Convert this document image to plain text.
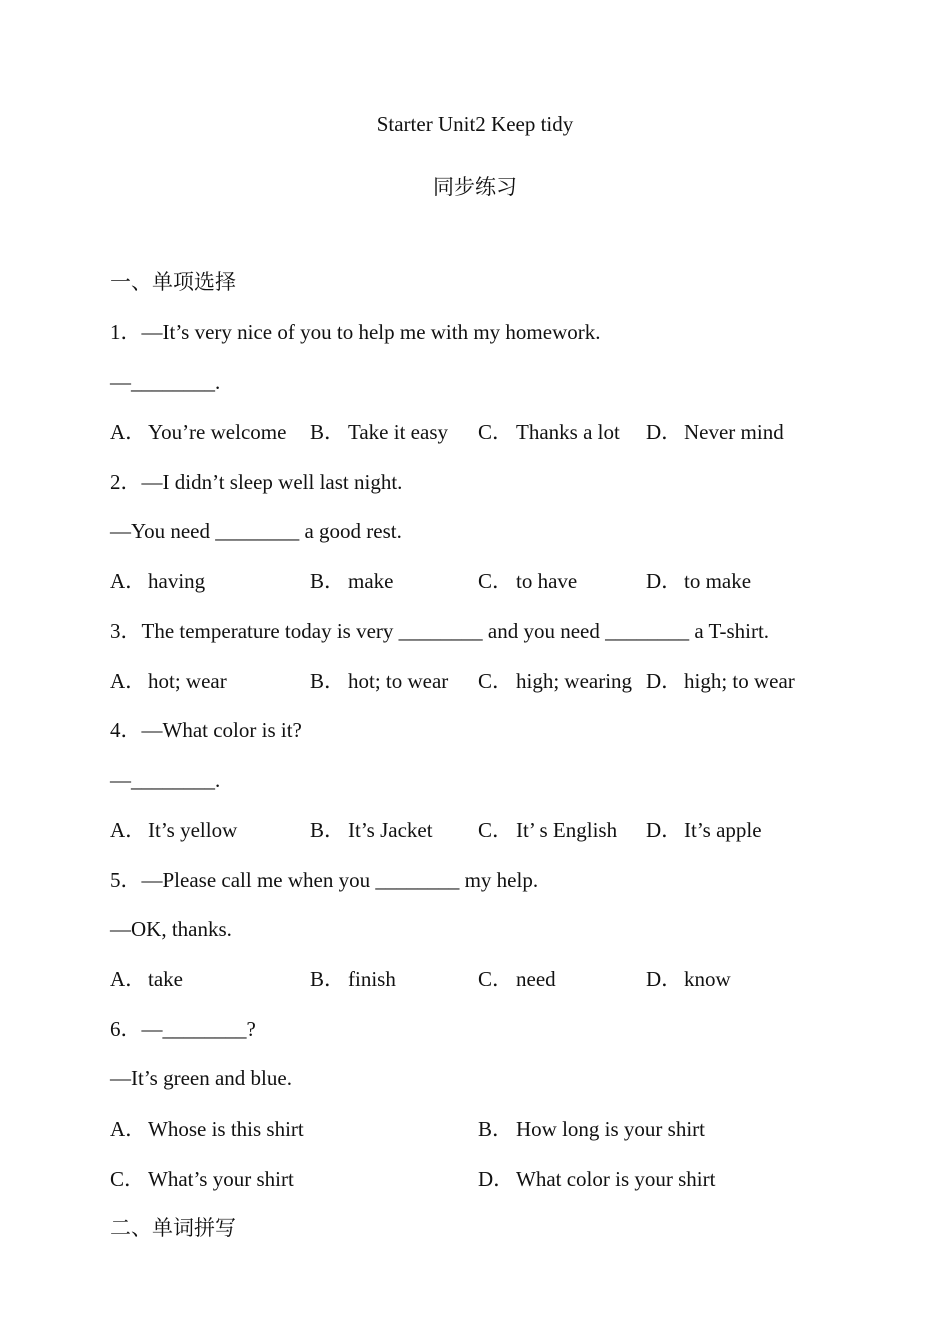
Starter Unit2 Keep tidy
同步练习
一、单项选择
1．—It’s very nice of you to help me with my homework.
—________.
A．You’re welcome B． Take it easy C． Thanks a lot D．Never mind
2．—I didn’t sleep well last night.
—You need ________ a good rest.
A．having	B． make	C． to have	D．to make
3．The temperature today is very ________ and you need ________ a T-shirt.
A．hot; wear	B． hot; to wear C． high; wearing D．high; to wear
4．—What color is it?
—________.
A．It’s yellow	B． It’s Jacket C． It’ s English D．It’s apple
5．—Please call me when you ________ my help.
—OK, thanks.
A．take	B． finish	C． need	D．know
6．—________?
—It’s green and blue.
A．Whose is this shirt	B． How long is your shirt
C． What’s your shirt	D．What color is your shirt
二、单词拼写
